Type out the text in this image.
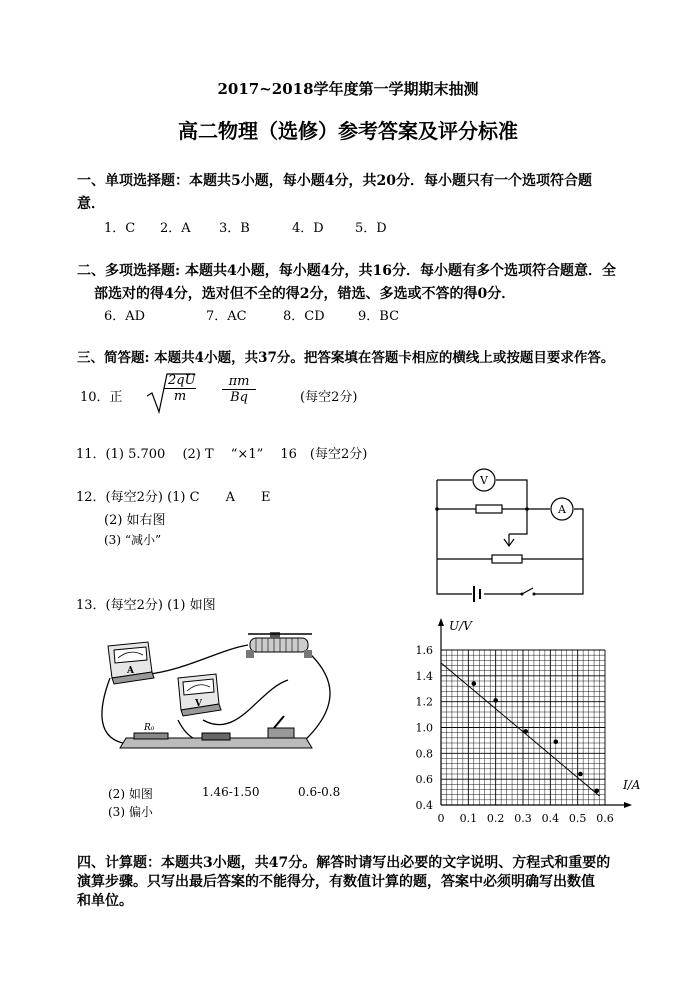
2017~2018学年度第一学期期末抽测
高二物理（选修）参考答案及评分标准
一、单项选择题：本题共5小题，每小题4分，共20分．每小题只有一个选项符合题
意．
1．C 2．A 3．B	4．D 5．D
二、多项选择题: 本题共4小题，每小题4分，共16分．每小题有多个选项符合题意．全
部选对的得4分，选对但不全的得2分，错选、多选或不答的得0分．
6．AD	7．AC	8．CD	9．BC
三、简答题: 本题共4小题，共37分。把答案填在答题卡相应的横线上或按题目要求作答。
10．正	$\frac{2qU}{m} \frac{\pi m}{Bq}$	(每空2分)
11．(1) 5.700　 (2) T　 “×1”　 16　(每空2分)
12．(每空2分) (1) C　　A　　E
(2) 如右图
(3) “减小”
V
A
13．(每空2分) (1) 如图
A
V
R₀
(2) 如图	1.46-1.50	0.6-0.8
(3) 偏小	0 0.1 0.2 0.3 0.4 0.5 0.6
0.4
0.6
0.8
1.0
1.2
1.4
1.6
U/V
I/A
四、计算题：本题共3小题，共47分。解答时请写出必要的文字说明、方程式和重要的
演算步骤。只写出最后答案的不能得分，有数值计算的题，答案中必须明确写出数值
和单位。
